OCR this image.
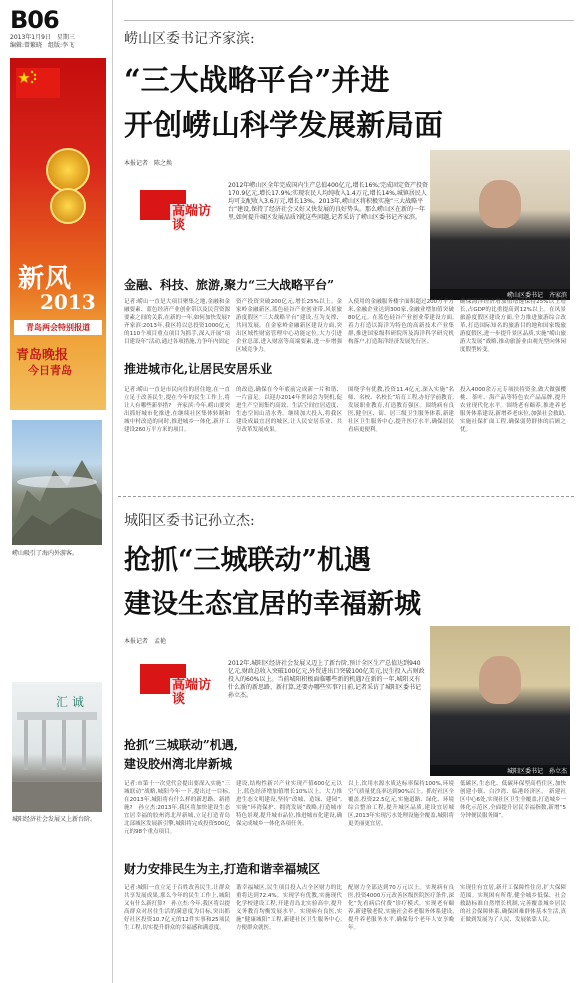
B06
2013年1月9日　星期三
编辑:曾繁晓　组版:李飞
新风
2013
青岛两会特别报道
青岛晚报
今日青岛
崂山吸引了海内外游客。
汇 诚
城阳经济社会发展又上新台阶。
崂山区委书记齐家滨:
“三大战略平台”并进
开创崂山科学发展新局面
本报记者　陈之焕
高端访谈
2012年崂山区全年完成国内生产总值400亿元,增长16%;完成固定资产投资170.9亿元,增长17.9%;实现农民人均纯收入1.4万元,增长14%,城镇居民人均可支配收入3.6万元,增长13%。2013年,崂山区将积极实施“三大战略平台”建设,保持了经济社会又好又快发展的良好势头。那么崂山区在新的一年里,如何提升城区发展品质?就这些问题,记者采访了崂山区委书记齐家滨。
崂山区委书记　齐家滨
金融、科技、旅游,聚力“三大战略平台”
记者:崂山一直是大项目聚集之地,金融和金融要素、蓝色经济产业创业带以及民营资源要素之间的关系,在新的一年,如何加快发展?　齐家滨:2013年,我区将以总投资1000亿元的110个项目重点项目为抓手,深入开展“项目建设年”活动,通过各项措施,力争年内固定
资产投资突破200亿元,增长25%以上。金家岭金融新区,蓝色硅谷产业创业带,风景旅游度假区“三大战略平台”建设,互为支撑、共同发展。在金家岭金融新区建设方面,突出区域性财富管理中心功能定位,大力引进企业总部,进入财富等高端要素,进一步增强区域竞争力。
入使用的金融服务楼宇面积超过200万平方米,金融企业达到300家,金融业增加值突破80亿元。在蓝色硅谷产业创业带建设方面,着力打造以海洋为特色的高新技术产业集群,推进国家级科研院所及海洋科学研究机构落户,打造海洋经济发展先行区。
确保海洋经济增加值增速保持25%以上增长,占GDP的比重提高到12%以上。在风景旅游度假区建设方面,全力推进旅游综合改革,打造国际知名的旅游目的地和国家级旅游度假区,进一步提升景区品质,实施“崂山旅游大发展”战略,推动旅游业由观光型向休闲度假型转变。
推进城市化,让居民安居乐业
记者:崂山一直是市民向往的居住地,在一直立足于改善民生,提在今年的民生工作上,将让人有哪些新举措?　齐家滨:今年,崂山要突出抓好城市化推进,在继续社区集体转制和城中村改造的同时,推进城乡一体化,新开工建设260万平方米的项目。
的改造,确保在今年底前完成新一片和谐、一片富足。以迎办2014年世园会为契机,促进生产空间集约高效、生活空间宜居适度、生态空间山清水秀。继续加大投入,将我区建设成最宜居的城区,让人民安居乐业、共享改革发展成果。
围绕学有优教,投资11.4亿元,深入实施“名师、名校、名校长”培育工程,办好学前教育,发展职业教育,打造教育强区。围绕病有良医,健全区、街、居三级卫生服务体系,新建社区卫生服务中心,提升医疗水平,确保居民看病更便利。
投入4000余万元专项扶持资金,做大做强樱桃、茶叶、海产品等特色农产品品牌,提升农业现代化水平。围绕老有颐养,推进养老服务体系建设,新增养老床位,加强社会救助,实施社保扩面工程,确保弱势群体的后顾之忧。
城阳区委书记孙立杰:
抢抓“三城联动”机遇
建设生态宜居的幸福新城
本报记者　孟艳
高端访谈
2012年,城阳区经济社会发展又迈上了新台阶,预计全区生产总值达到940亿元,财政总收入突破100亿元,外贸进出口突破100亿美元,民生投入占财政投入的60%以上。当前城阳积极面临哪些新的机遇?在新的一年,城阳又有什么新的新思路、新打算,还要办哪些实事?日前,记者采访了城阳区委书记孙立杰。
城阳区委书记　孙立杰
抢抓“三城联动”机遇,
建设胶州湾北岸新城
记者:市第十一次党代会提出要深入实施“三城联动”战略,城阳今年一下,提出过一目标,在2013年,城阳将有什么样的新思路、新措施?　孙立杰:2013年,我区将加快建设生态宜居幸福的胶州湾北岸新城,立足打造青岛北部城区发展新引擎,城阳将完成投资500亿元的98个重点项目。
建设,结构性新兴产业实现产值600亿元以上,蓝色经济增加值增长10%以上。大力推进生态文明建设,坚持“改城、造绿、建园”,实施“环湾保护、拥湾发展”战略,打造城市特色景观,提升城市品位,推进城市化建设,确保完成城乡一体化各项任务。
以上,饮用水源水质达标率保持100%,环境空气质量优良率达到90%以上。抓好社区全覆盖,投资22.5亿元,实施道路、绿化、环境综合整治工程,提升城区品质,建设宜居城区,2013年实现污水处理设施全覆盖,城阳将更美丽更宜居。
低碳区,生态化、低碳环保型高档住区,加快创建小镇、白沙湾、临港经济区。 新建社区中心6处,实现社区卫生全覆盖,打造城乡一体化示范区,全面提升居民幸福指数,新增“5分钟便民服务圈”。
财力安排民生为主,打造和谐幸福城区
记者:城阳一直立足于百姓改善民生,让群众共享发展成果,那么今年的民生工作上,城阳又有什么新打算?　孙立杰:今年,我区将以提高群众对居住生活的满意度为目标,突出抓好社区投资10.7亿元的12件实事和25项民生工程,切实提升群众的幸福感和满意度。
谐幸福城区,民生项目投入占全区财力的比重将达到72.4%。实现学有优教,实施现代化学校建设工程,开建青岛北实验高中,提升义务教育均衡发展水平。实现病有良医,实施“健康城阳”工程,新建社区卫生服务中心,方便群众就医。
配财力全部达到70万元以上。实现病有良医,投资4000万元改善区级医院医疗条件,深化“先看病后付费”诊疗模式。实现老有颐养,新建敬老院,实施社会养老服务体系建设,提升养老服务水平,确保每个老年人安享晚年。
实现住有宜居,新开工保障性住房,扩大保障范围。实现困有所帮,健全城乡低保、社会救助标准自然增长机制,完善覆盖城乡居民的社会保障体系,确保困难群体基本生活,真正做到发展为了人民、发展依靠人民。
